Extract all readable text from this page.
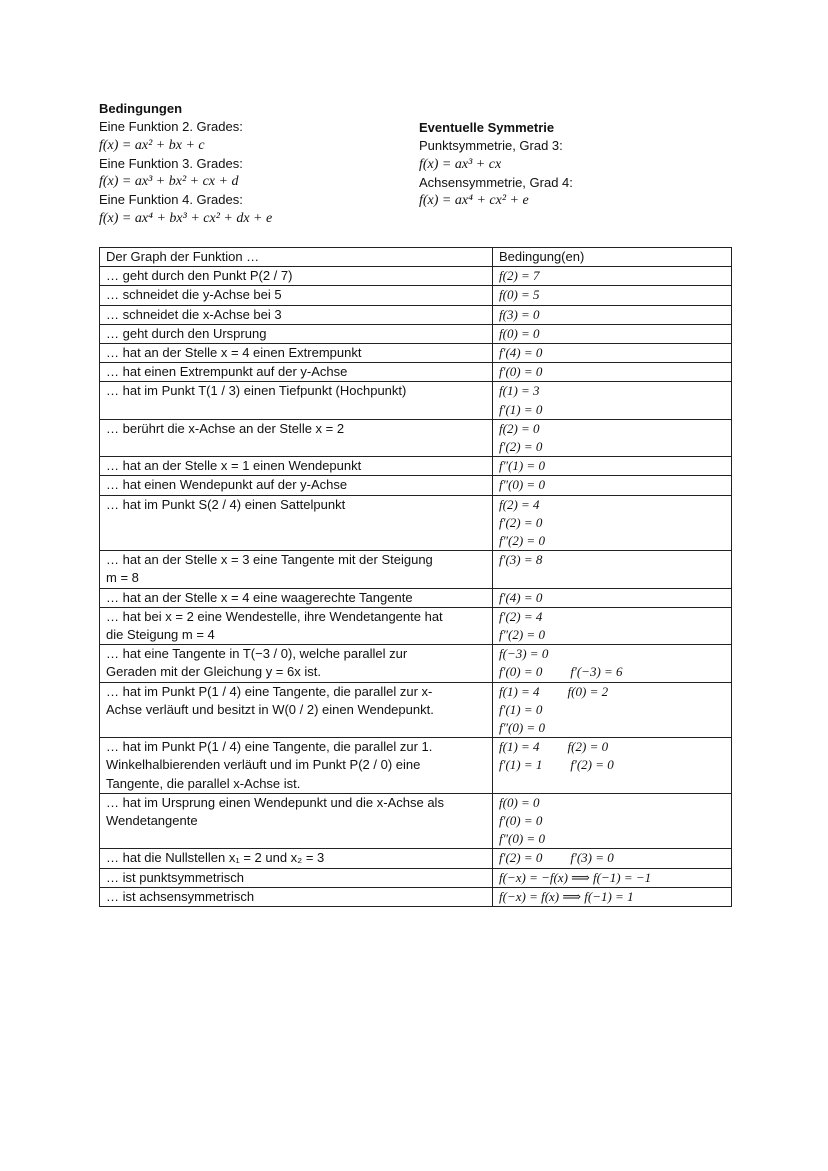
Bedingungen
Eine Funktion 2. Grades:
f(x) = ax² + bx + c
Eine Funktion 3. Grades:
f(x) = ax³ + bx² + cx + d
Eine Funktion 4. Grades:
f(x) = ax⁴ + bx³ + cx² + dx + e
Eventuelle Symmetrie
Punktsymmetrie, Grad 3:
f(x) = ax³ + cx
Achsensymmetrie, Grad 4:
f(x) = ax⁴ + cx² + e
Der Graph der Funktion …	Bedingung(en)
… geht durch den Punkt P(2 / 7)	f(2) = 7

… schneidet die y-Achse bei 5	f(0) = 5

… schneidet die x-Achse bei 3	f(3) = 0

… geht durch den Ursprung	f(0) = 0

… hat an der Stelle x = 4 einen Extrempunkt	f′(4) = 0

… hat einen Extrempunkt auf der y-Achse	f′(0) = 0

… hat im Punkt T(1 / 3) einen Tiefpunkt (Hochpunkt)	f(1) = 3
f′(1) = 0

… berührt die x-Achse an der Stelle x = 2	f(2) = 0
f′(2) = 0

… hat an der Stelle x = 1 einen Wendepunkt	f″(1) = 0

… hat einen Wendepunkt auf der y-Achse	f″(0) = 0

… hat im Punkt S(2 / 4) einen Sattelpunkt	f(2) = 4
f′(2) = 0
f″(2) = 0

… hat an der Stelle x = 3 eine Tangente mit der Steigung
m = 8	f′(3) = 8

… hat an der Stelle x = 4 eine waagerechte Tangente	f′(4) = 0

… hat bei x = 2 eine Wendestelle, ihre Wendetangente hat
die Steigung m = 4	f′(2) = 4
f″(2) = 0

… hat eine Tangente in T(−3 / 0), welche parallel zur
Geraden mit der Gleichung y = 6x ist.	f(−3) = 0
f′(0) = 0 f′(−3) = 6

… hat im Punkt P(1 / 4) eine Tangente, die parallel zur x-
Achse verläuft und besitzt in W(0 / 2) einen Wendepunkt.	f(1) = 4 f(0) = 2
f′(1) = 0
f″(0) = 0

… hat im Punkt P(1 / 4) eine Tangente, die parallel zur 1.
Winkelhalbierenden verläuft und im Punkt P(2 / 0) eine
Tangente, die parallel x-Achse ist.	f(1) = 4 f(2) = 0
f′(1) = 1 f′(2) = 0

… hat im Ursprung einen Wendepunkt und die x-Achse als
Wendetangente	f(0) = 0
f′(0) = 0
f″(0) = 0

… hat die Nullstellen x₁ = 2 und x₂ = 3	f′(2) = 0 f′(3) = 0

… ist punktsymmetrisch	f(−x) = −f(x) ⟹ f(−1) = −1

… ist achsensymmetrisch	f(−x) = f(x) ⟹ f(−1) = 1
